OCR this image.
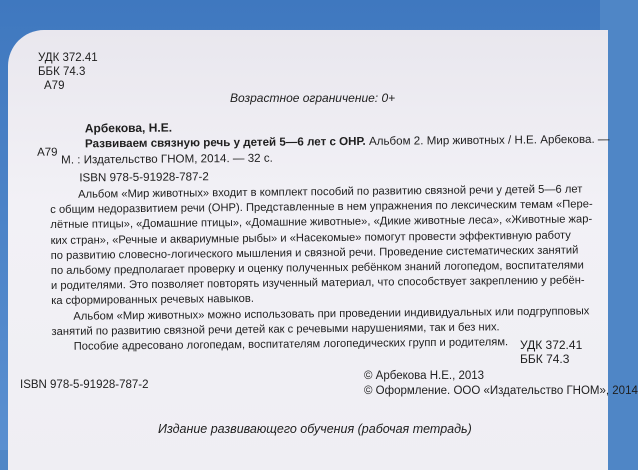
УДК 372.41
ББК 74.3
А79
Возрастное ограничение: 0+
Арбекова, Н.Е.
Развиваем связную речь у детей 5—6 лет с ОНР. Альбом 2. Мир животных / Н.Е. Арбекова. —
А79 М. : Издательство ГНОМ, 2014. — 32 с.
ISBN 978-5-91928-787-2

Альбом «Мир животных» входит в комплект пособий по развитию связной речи у детей 5—6 лет

с общим недоразвитием речи (ОНР). Представленные в нем упражнения по лексическим темам «Пере-

лётные птицы», «Домашние птицы», «Домашние животные», «Дикие животные леса», «Животные жар-

ких стран», «Речные и аквариумные рыбы» и «Насекомые» помогут провести эффективную работу

по развитию словесно-логического мышления и связной речи. Проведение систематических занятий

по альбому предполагает проверку и оценку полученных ребёнком знаний логопедом, воспитателями

и родителями. Это позволяет повторять изученный материал, что способствует закреплению у ребён-

ка сформированных речевых навыков.

Альбом «Мир животных» можно использовать при проведении индивидуальных или подгрупповых

занятий по развитию связной речи детей как с речевыми нарушениями, так и без них.

Пособие адресовано логопедам, воспитателям логопедических групп и родителям. УДК 372.41
ББК 74.3
© Арбекова Н.Е., 2013
© Оформление. ООО «Издательство ГНОМ», 2014
ISBN 978-5-91928-787-2
Издание развивающего обучения (рабочая тетрадь)
